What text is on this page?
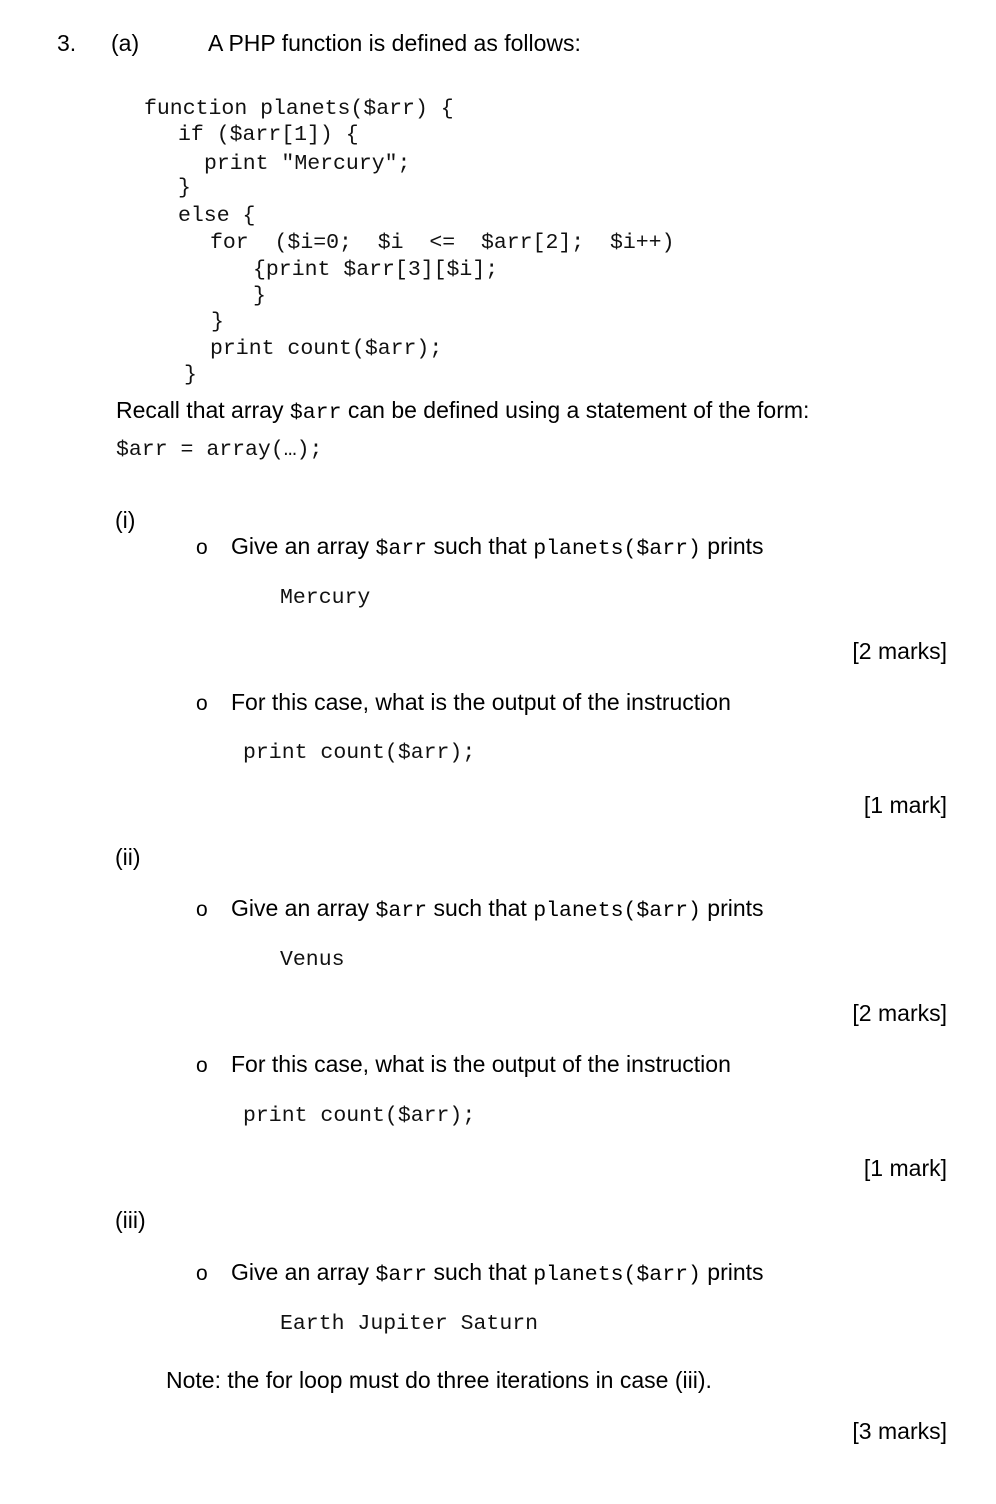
3. (a)	A PHP function is defined as follows:
function planets($arr) {
if ($arr[1]) {
print "Mercury";
}
else {
for  ($i=0;  $i  <=  $arr[2];  $i++)
{print $arr[3][$i];
}
}
print count($arr);
}
Recall that array $arr can be defined using a statement of the form:
$arr = array(…);
(i)
o Give an array $arr such that planets($arr) prints
Mercury
[2 marks]
o For this case, what is the output of the instruction
print count($arr);
[1 mark]
(ii)
o Give an array $arr such that planets($arr) prints
Venus
[2 marks]
o For this case, what is the output of the instruction
print count($arr);
[1 mark]
(iii)
o Give an array $arr such that planets($arr) prints
Earth Jupiter Saturn
Note: the for loop must do three iterations in case (iii).
[3 marks]
